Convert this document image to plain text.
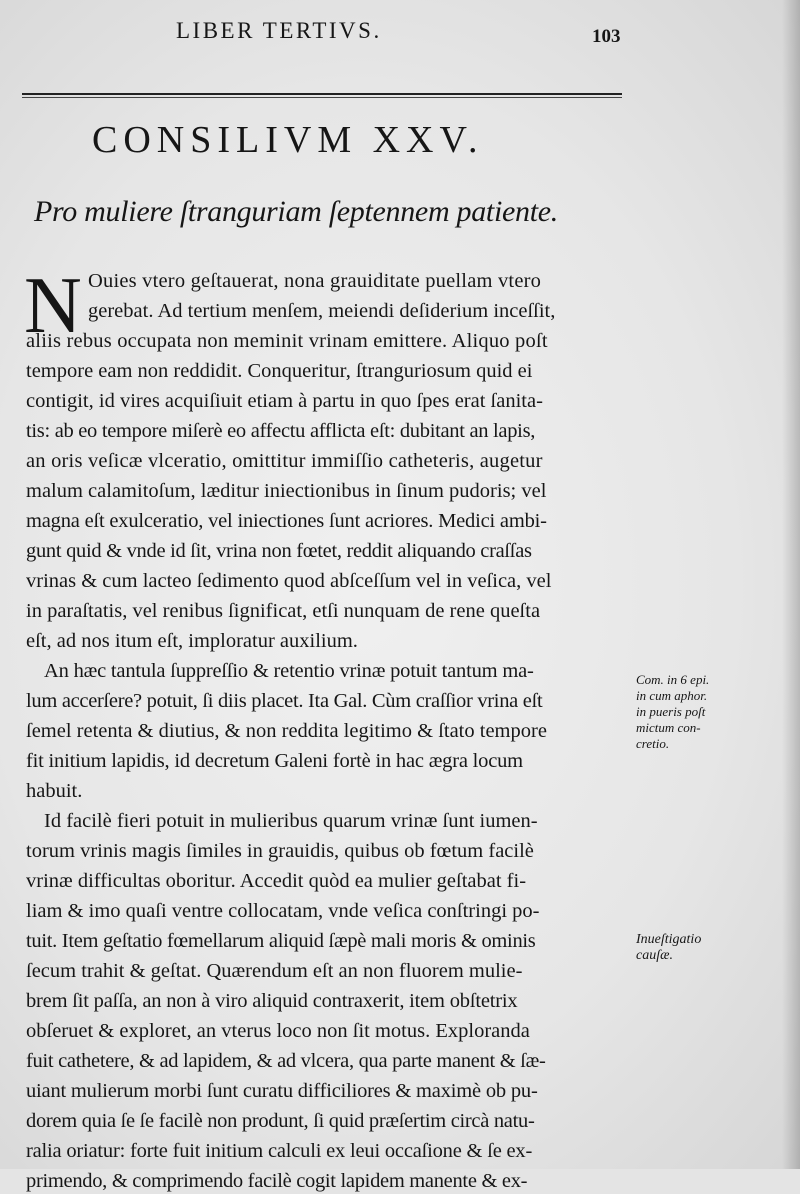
LIBER TERTIVS.	103
CONSILIVM XXV.
Pro muliere ſtranguriam ſeptennem patiente.
N Ouies vtero geſtauerat, nona grauiditate puellam vtero
gerebat. Ad tertium menſem, meiendi deſiderium inceſſit,
aliis rebus occupata non meminit vrinam emittere. Aliquo poſt
tempore eam non reddidit. Conqueritur, ſtranguriosum quid ei
contigit, id vires acquiſiuit etiam à partu in quo ſpes erat ſanita-
tis: ab eo tempore miſerè eo affectu afflicta eſt: dubitant an lapis,
an oris veſicæ vlceratio, omittitur immiſſio catheteris, augetur
malum calamitoſum, læditur iniectionibus in ſinum pudoris; vel
magna eſt exulceratio, vel iniectiones ſunt acriores. Medici ambi-
gunt quid & vnde id ſit, vrina non fœtet, reddit aliquando craſſas
vrinas & cum lacteo ſedimento quod abſceſſum vel in veſica, vel
in paraſtatis, vel renibus ſignificat, etſi nunquam de rene queſta
eſt, ad nos itum eſt, imploratur auxilium.
An hæc tantula ſuppreſſio & retentio vrinæ potuit tantum ma-
lum accerſere? potuit, ſi diis placet. Ita Gal. Cùm craſſior vrina eſt
ſemel retenta & diutius, & non reddita legitimo & ſtato tempore
fit initium lapidis, id decretum Galeni fortè in hac ægra locum
habuit.
Id facilè fieri potuit in mulieribus quarum vrinæ ſunt iumen-
torum vrinis magis ſimiles in grauidis, quibus ob fœtum facilè
vrinæ difficultas oboritur. Accedit quòd ea mulier geſtabat fi-
liam & imo quaſi ventre collocatam, vnde veſica conſtringi po-
tuit. Item geſtatio fœmellarum aliquid ſæpè mali moris & ominis
ſecum trahit & geſtat. Quærendum eſt an non fluorem mulie-
brem ſit paſſa, an non à viro aliquid contraxerit, item obſtetrix
obſeruet & exploret, an vterus loco non ſit motus. Exploranda
fuit cathetere, & ad lapidem, & ad vlcera, qua parte manent & ſæ-
uiant mulierum morbi ſunt curatu difficiliores & maximè ob pu-
dorem quia ſe ſe facilè non produnt, ſi quid præſertim circà natu-
ralia oriatur: forte fuit initium calculi ex leui occaſione & ſe ex-
primendo, & comprimendo facilè cogit lapidem manente & ex-
Com. in 6 epi.
in cum aphor.
in pueris poſt
mictum con-
cretio.
Inueſtigatio
cauſæ.
